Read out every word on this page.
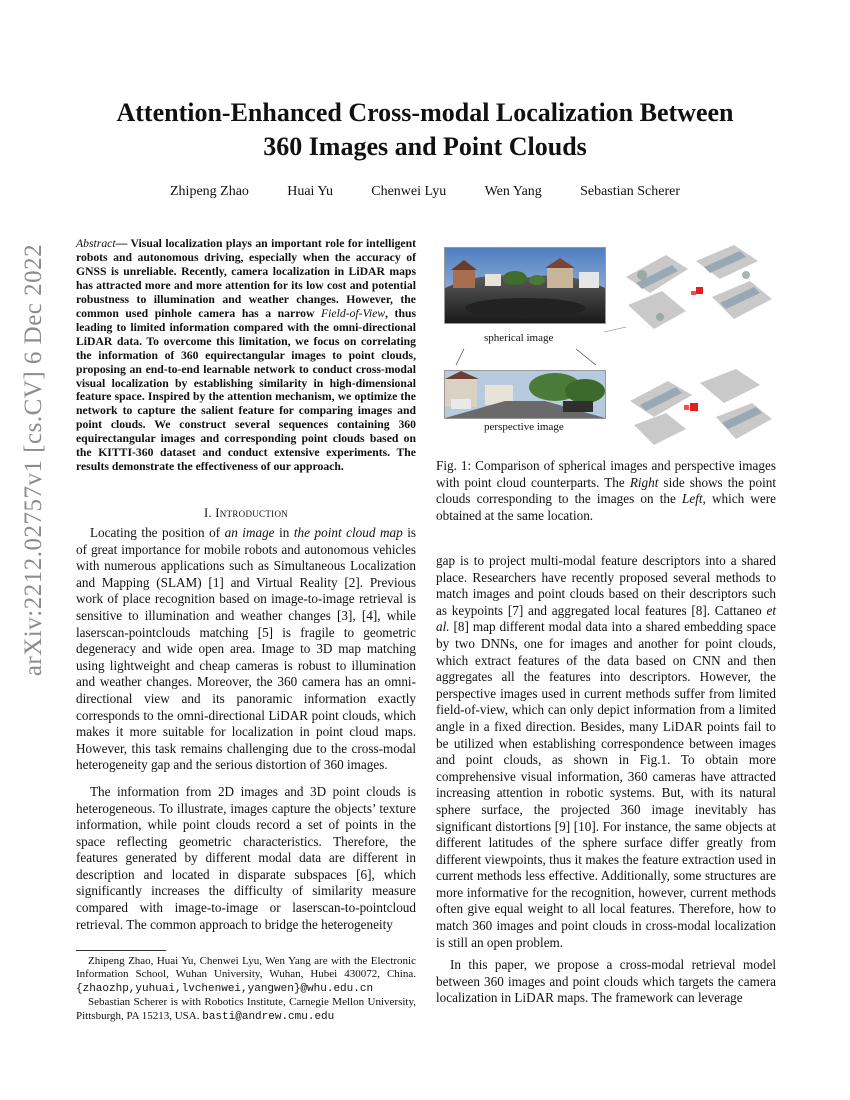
arXiv:2212.02757v1 [cs.CV] 6 Dec 2022
Attention-Enhanced Cross-modal Localization Between
360 Images and Point Clouds
Zhipeng Zhao	Huai Yu	Chenwei Lyu	Wen Yang	Sebastian Scherer
Abstract— Visual localization plays an important role for intelligent robots and autonomous driving, especially when the accuracy of GNSS is unreliable. Recently, camera localization in LiDAR maps has attracted more and more attention for its low cost and potential robustness to illumination and weather changes. However, the common used pinhole camera has a narrow Field-of-View, thus leading to limited information compared with the omni-directional LiDAR data. To overcome this limitation, we focus on correlating the information of 360 equirectangular images to point clouds, proposing an end-to-end learnable network to conduct cross-modal visual localization by establishing similarity in high-dimensional feature space. Inspired by the attention mechanism, we optimize the network to capture the salient feature for comparing images and point clouds. We construct several sequences containing 360 equirectangular images and corresponding point clouds based on the KITTI-360 dataset and conduct extensive experiments. The results demonstrate the effectiveness of our approach.
I. Introduction

Locating the position of an image in the point cloud map is of great importance for mobile robots and autonomous vehicles with numerous applications such as Simultaneous Localization and Mapping (SLAM) [1] and Virtual Reality [2]. Previous work of place recognition based on image-to-image retrieval is sensitive to illumination and weather changes [3], [4], while laserscan-pointclouds matching [5] is fragile to geometric degeneracy and wide open area. Image to 3D map matching using lightweight and cheap cameras is robust to illumination and weather changes. Moreover, the 360 camera has an omni-directional view and its panoramic information exactly corresponds to the omni-directional LiDAR point clouds, which makes it more suitable for localization in point cloud maps. However, this task remains challenging due to the cross-modal heterogeneity gap and the serious distortion of 360 images.

The information from 2D images and 3D point clouds is heterogeneous. To illustrate, images capture the objects’ texture information, while point clouds record a set of points in the space reflecting geometric characteristics. Therefore, the features generated by different modal data are different in description and located in disparate subspaces [6], which significantly increases the difficulty of similarity measure compared with image-to-image or laserscan-to-pointcloud retrieval. The common approach to bridge the heterogeneity

Zhipeng Zhao, Huai Yu, Chenwei Lyu, Wen Yang are with the Electronic Information School, Wuhan University, Wuhan, Hubei 430072, China. {zhaozhp,yuhuai,lvchenwei,yangwen}@whu.edu.cn
Sebastian Scherer is with Robotics Institute, Carnegie Mellon University, Pittsburgh, PA 15213, USA. basti@andrew.cmu.edu
spherical image
perspective image
Fig. 1: Comparison of spherical images and perspective images with point cloud counterparts. The Right side shows the point clouds corresponding to the images on the Left, which were obtained at the same location.

gap is to project multi-modal feature descriptors into a shared place. Researchers have recently proposed several methods to match images and point clouds based on their descriptors such as keypoints [7] and aggregated local features [8]. Cattaneo et al. [8] map different modal data into a shared embedding space by two DNNs, one for images and another for point clouds, which extract features of the data based on CNN and then aggregates all the features into descriptors. However, the perspective images used in current methods suffer from limited field-of-view, which can only depict information from a limited angle in a fixed direction. Besides, many LiDAR points fail to be utilized when establishing correspondence between images and point clouds, as shown in Fig.1. To obtain more comprehensive visual information, 360 cameras have attracted increasing attention in robotic systems. But, with its natural sphere surface, the projected 360 image inevitably has significant distortions [9] [10]. For instance, the same objects at different latitudes of the sphere surface differ greatly from different viewpoints, thus it makes the feature extraction used in current methods less effective. Additionally, some structures are more informative for the recognition, however, current methods often give equal weight to all local features. Therefore, how to match 360 images and point clouds in cross-modal localization is still an open problem.

In this paper, we propose a cross-modal retrieval model between 360 images and point clouds which targets the camera localization in LiDAR maps. The framework can leverage
